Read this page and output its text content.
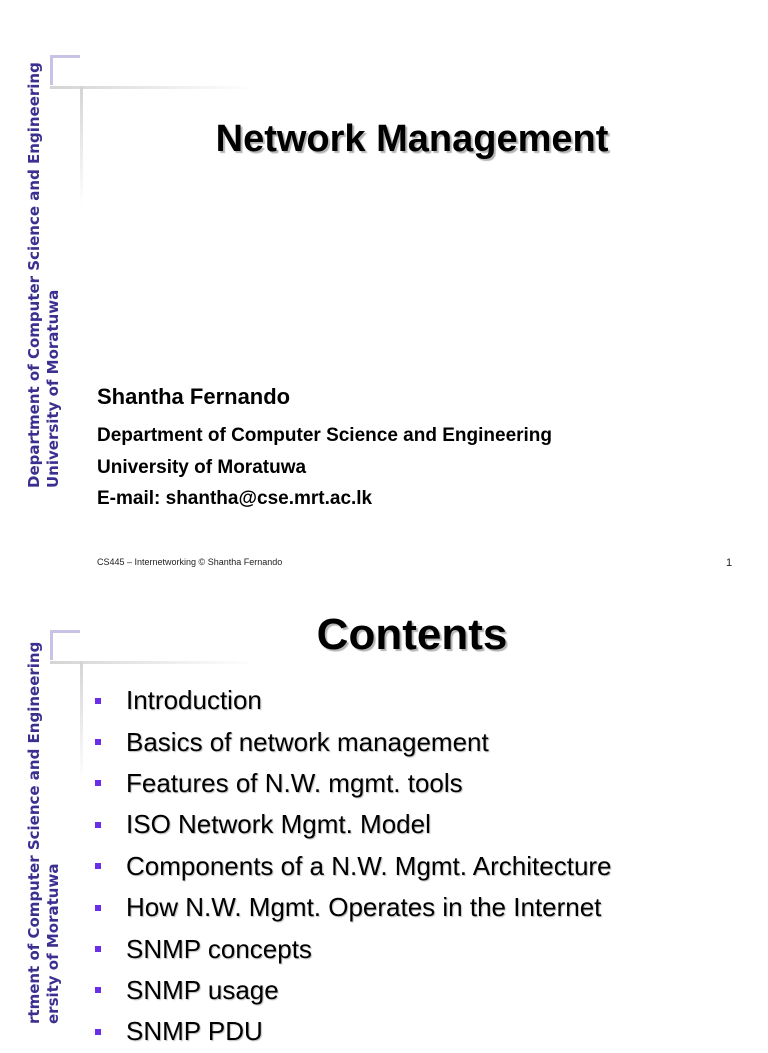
Department of Computer Science and Engineering University of Moratuwa
Network Management
Shantha Fernando
Department of Computer Science and Engineering
University of Moratuwa
E-mail: shantha@cse.mrt.ac.lk
CS445 – Internetworking © Shantha Fernando	1
rtment of Computer Science and Engineering ersity of Moratuwa
Contents
Introduction
Basics of network management
Features of N.W. mgmt. tools
ISO Network Mgmt. Model
Components of a N.W. Mgmt. Architecture
How N.W. Mgmt. Operates in the Internet
SNMP concepts
SNMP usage
SNMP PDU
